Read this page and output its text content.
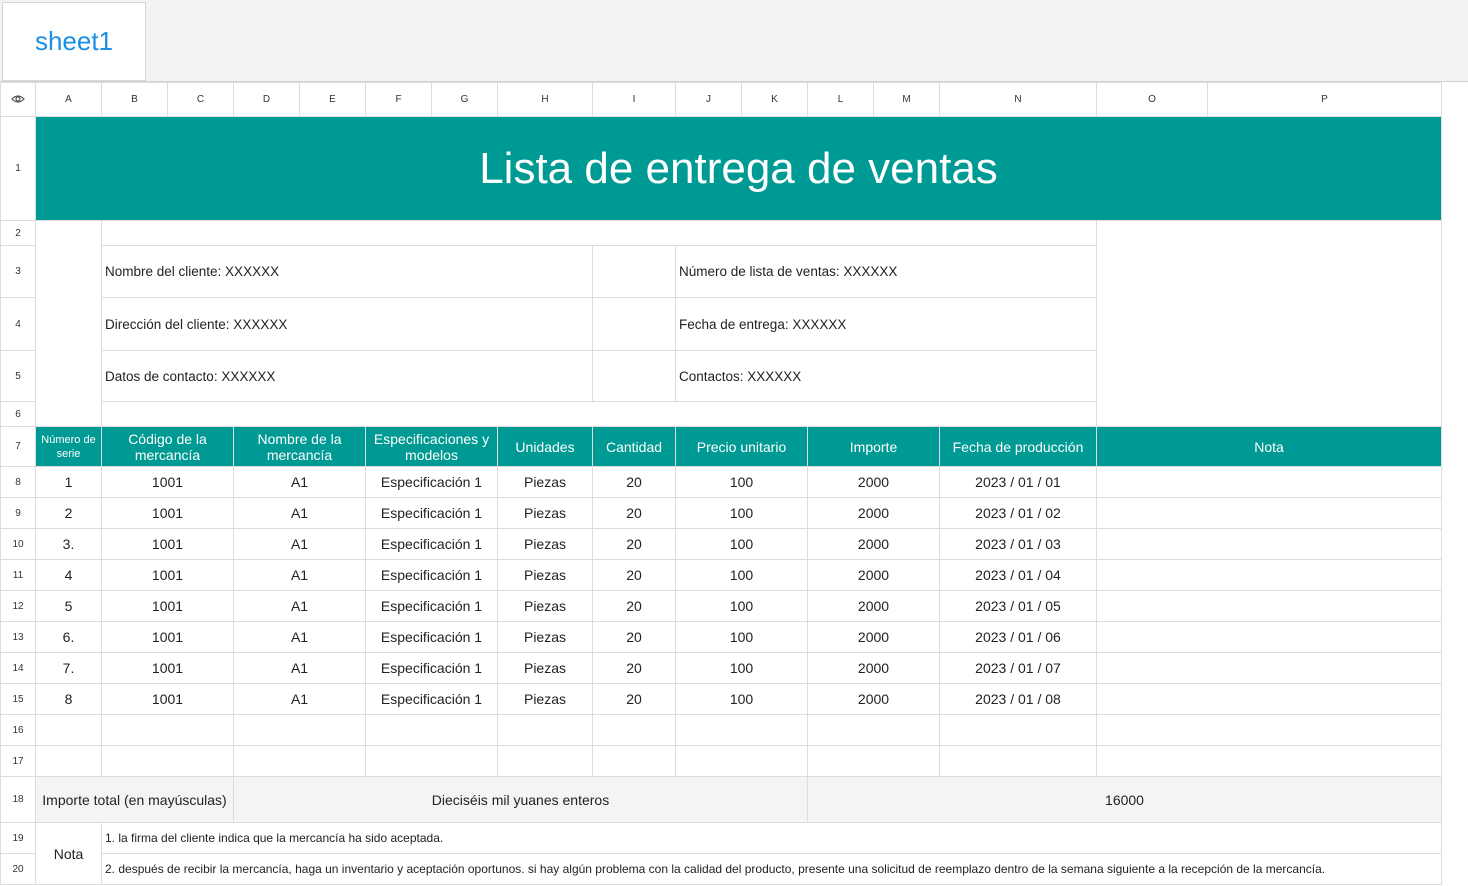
sheet1
	A	B	C	D	E	F	G	H	I	J	K	L	M	N	O	P
1	Lista de entrega de ventas															
2																
3		Nombre del cliente: XXXXXX								Número de lista de ventas: XXXXXX						
4		Dirección del cliente: XXXXXX								Fecha de entrega: XXXXXX						
5		Datos de contacto: XXXXXX								Contactos: XXXXXX						
6																
7	Número de serie	Código de la mercancía		Nombre de la mercancía		Especificaciones y modelos		Unidades	Cantidad	Precio unitario		Importe		Fecha de producción	Nota	
8	1	1001		A1		Especificación 1		Piezas	20	100		2000		2023 / 01 / 01		
9	2	1001		A1		Especificación 1		Piezas	20	100		2000		2023 / 01 / 02		
10	3.	1001		A1		Especificación 1		Piezas	20	100		2000		2023 / 01 / 03		
11	4	1001		A1		Especificación 1		Piezas	20	100		2000		2023 / 01 / 04		
12	5	1001		A1		Especificación 1		Piezas	20	100		2000		2023 / 01 / 05		
13	6.	1001		A1		Especificación 1		Piezas	20	100		2000		2023 / 01 / 06		
14	7.	1001		A1		Especificación 1		Piezas	20	100		2000		2023 / 01 / 07		
15	8	1001		A1		Especificación 1		Piezas	20	100		2000		2023 / 01 / 08		
16																
17																
18	Importe total (en mayúsculas)			Dieciséis mil yuanes enteros								16000				
19	Nota	1. la firma del cliente indica que la mercancía ha sido aceptada.														
20		2. después de recibir la mercancía, haga un inventario y aceptación oportunos. si hay algún problema con la calidad del producto, presente una solicitud de reemplazo dentro de la semana siguiente a la recepción de la mercancía.														
